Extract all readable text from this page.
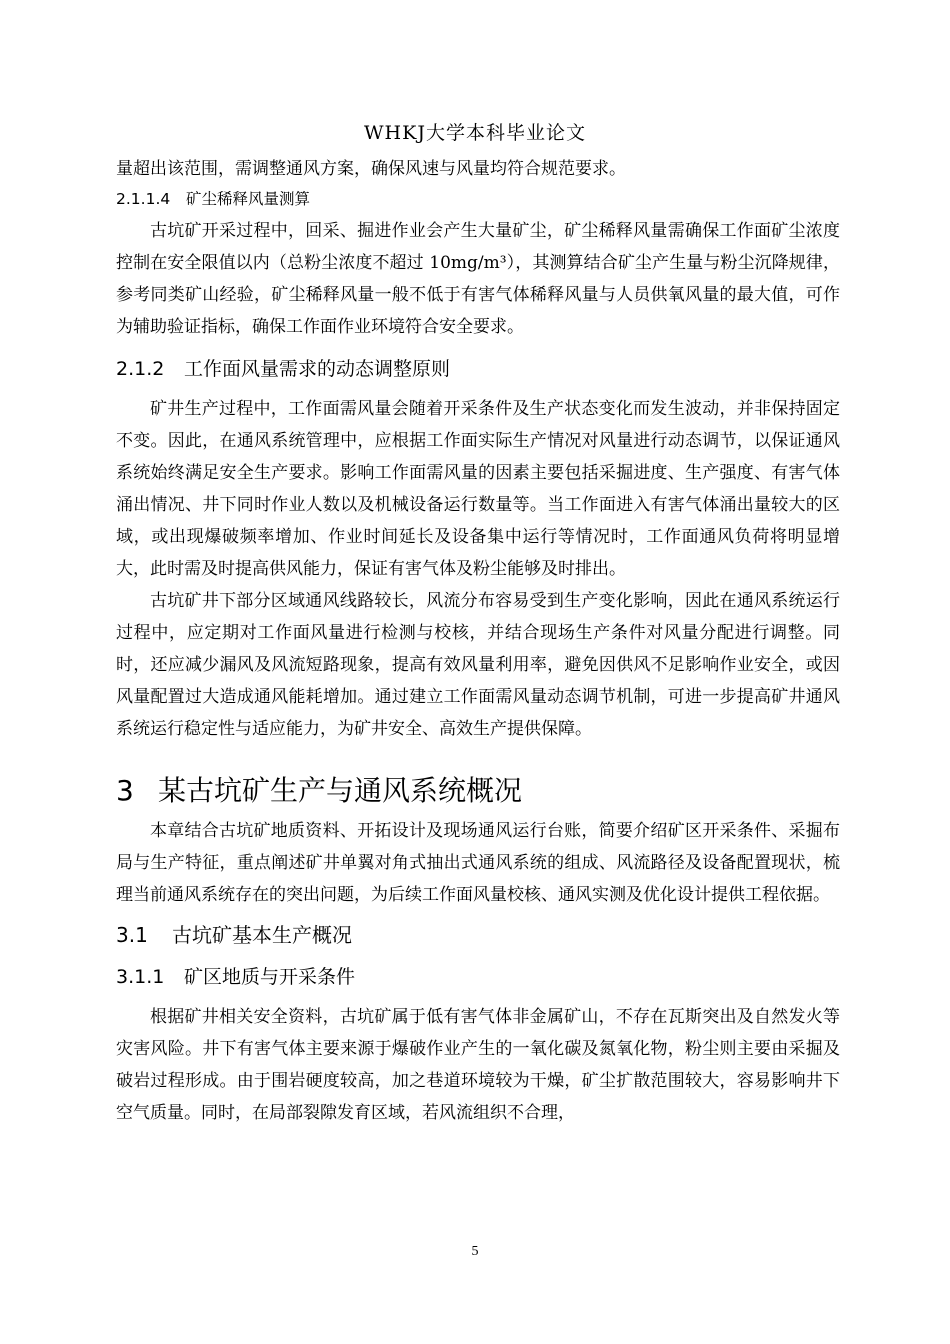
WHKJ大学本科毕业论文

量超出该范围，需调整通风方案，确保风速与风量均符合规范要求。

2.1.1.4 矿尘稀释风量测算

古坑矿开采过程中，回采、掘进作业会产生大量矿尘，矿尘稀释风量需确保工作面矿尘浓度控制在安全限值以内（总粉尘浓度不超过 10mg/m³），其测算结合矿尘产生量与粉尘沉降规律，参考同类矿山经验，矿尘稀释风量一般不低于有害气体稀释风量与人员供氧风量的最大值，可作为辅助验证指标，确保工作面作业环境符合安全要求。

2.1.2 工作面风量需求的动态调整原则

矿井生产过程中，工作面需风量会随着开采条件及生产状态变化而发生波动，并非保持固定不变。因此，在通风系统管理中，应根据工作面实际生产情况对风量进行动态调节，以保证通风系统始终满足安全生产要求。影响工作面需风量的因素主要包括采掘进度、生产强度、有害气体涌出情况、井下同时作业人数以及机械设备运行数量等。当工作面进入有害气体涌出量较大的区域，或出现爆破频率增加、作业时间延长及设备集中运行等情况时，工作面通风负荷将明显增大，此时需及时提高供风能力，保证有害气体及粉尘能够及时排出。

古坑矿井下部分区域通风线路较长，风流分布容易受到生产变化影响，因此在通风系统运行过程中，应定期对工作面风量进行检测与校核，并结合现场生产条件对风量分配进行调整。同时，还应减少漏风及风流短路现象，提高有效风量利用率，避免因供风不足影响作业安全，或因风量配置过大造成通风能耗增加。通过建立工作面需风量动态调节机制，可进一步提高矿井通风系统运行稳定性与适应能力，为矿井安全、高效生产提供保障。

3 某古坑矿生产与通风系统概况

本章结合古坑矿地质资料、开拓设计及现场通风运行台账，简要介绍矿区开采条件、采掘布局与生产特征，重点阐述矿井单翼对角式抽出式通风系统的组成、风流路径及设备配置现状，梳理当前通风系统存在的突出问题，为后续工作面风量校核、通风实测及优化设计提供工程依据。

3.1 古坑矿基本生产概况
3.1.1 矿区地质与开采条件

根据矿井相关安全资料，古坑矿属于低有害气体非金属矿山，不存在瓦斯突出及自然发火等灾害风险。井下有害气体主要来源于爆破作业产生的一氧化碳及氮氧化物，粉尘则主要由采掘及破岩过程形成。由于围岩硬度较高，加之巷道环境较为干燥，矿尘扩散范围较大，容易影响井下空气质量。同时，在局部裂隙发育区域，若风流组织不合理，

5
